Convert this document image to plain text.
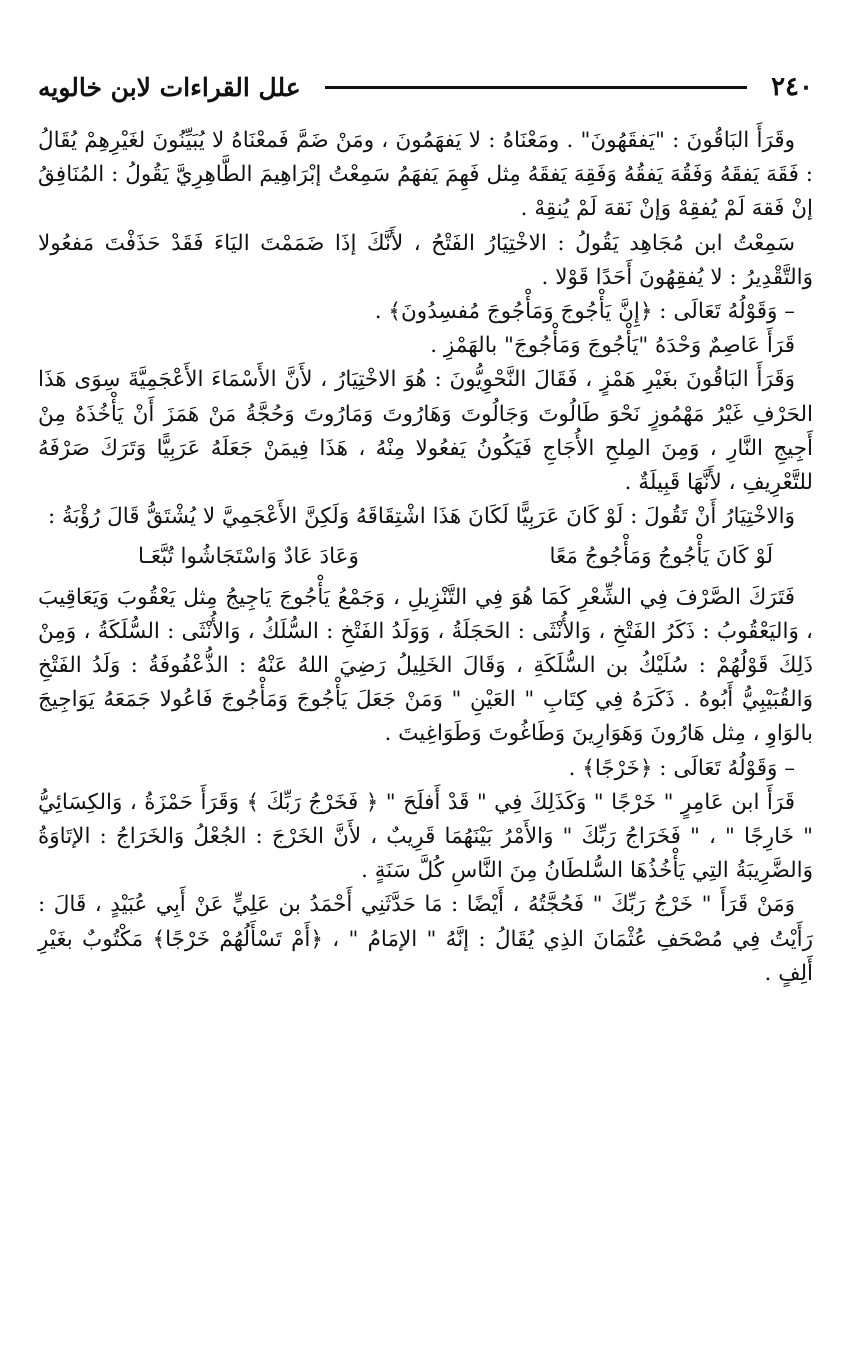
٢٤٠
علل القراءات لابن خالويه

وقَرَأَ البَاقُونَ : "يَفقَهُونَ" . ومَعْنَاهُ : لا يَفهَمُونَ ، ومَنْ ضَمَّ فَمعْنَاهُ لا يُبَيِّنُونَ لغَيْرِهِمْ يُقَالُ : فَقَهَ يَفقَهُ وَفَقُهَ يَفقُهُ وَفَقِهَ يَفقَهُ مِثل فَهِمَ يَفهَمُ سَمِعْتُ إبْرَاهِيمَ الطَّاهِرِيَّ يَقُولُ : المُنَافِقُ إنْ فَقهَ لَمْ يُفقِهْ وَإنْ نَقهَ لَمْ يُنقِهْ .

سَمِعْتُ ابن مُجَاهِد يَقُولُ : الاخْتِيَارُ الفَتْحُ ، لأَنَّكَ إذَا ضَمَمْتَ اليَاءَ فَقَدْ حَذَفْتَ مَفعُولا وَالتَّقْدِيرُ : لا يُفقِهُونَ أَحَدًا قَوْلا .

– وَقَوْلُهُ تَعَالَى : ﴿إِنَّ يَأْجُوجَ وَمَأْجُوجَ مُفسِدُونَ﴾ .

قَرَأَ عَاصِمٌ وَحْدَهُ "يَأْجُوجَ وَمَأْجُوجَ" بالهَمْزِ .

وَقَرَأَ البَاقُونَ بغَيْرِ هَمْزٍ ، فَقَالَ النَّحْوِيُّونَ : هُوَ الاخْتِيَارُ ، لأَنَّ الأَسْمَاءَ الأَعْجَمِيَّةَ سِوَى هَذَا الحَرْفِ غَيْرُ مَهْمُوزٍ نَحْوَ طَالُوتَ وَجَالُوتَ وَهَارُوتَ وَمَارُوتَ وَحُجَّةُ مَنْ هَمَزَ أَنْ يَأْخُذَهُ مِنْ أَجِيجِ النَّارِ ، وَمِنَ المِلحِ الأُجَاجِ فَيَكُونُ يَفعُولا مِنْهُ ، هَذَا فِيمَنْ جَعَلَهُ عَرَبِيًّا وَتَرَكَ صَرْفَهُ للتَّعْرِيفِ ، لأَنَّهَا قَبِيلَةٌ .

وَالاخْتِيَارُ أَنْ تَقُولَ : لَوْ كَانَ عَرَبِيًّا لَكَانَ هَذَا اشْتِقَاقَهُ وَلَكِنَّ الأَعْجَمِيَّ لا يُشْتَقُّ قَالَ رُؤْبَةُ :

لَوْ كَانَ يَأْجُوجُ وَمَأْجُوجُ مَعًا
وَعَادَ عَادٌ وَاسْتَجَاشُوا تُبَّعَـا

فَتَرَكَ الصَّرْفَ فِي الشِّعْرِ كَمَا هُوَ فِي التَّنْزِيلِ ، وَجَمْعُ يَأْجُوجَ يَاجِيجُ مِثل يَعْقُوبَ وَيَعَاقِيبَ ، وَاليَعْقُوبُ : ذَكَرُ الفَتْخِ ، وَالأُنْثَى : الحَجَلَةُ ، وَوَلَدُ الفَتْخِ : السُّلَكُ ، وَالأُنْثَى : السُّلَكَةُ ، وَمِنْ ذَلِكَ قَوْلُهُمْ : سُلَيْكُ بن السُّلَكَةِ ، وَقَالَ الخَلِيلُ رَضِيَ اللهُ عَنْهُ : الذُّعْفُوفَةُ : وَلَدُ الفَتْخِ وَالقُبَيْبِيُّ أَبُوهُ . ذَكَرَهُ فِي كِتَابِ " العَيْنِ " وَمَنْ جَعَلَ يَأْجُوجَ وَمَأْجُوجَ فَاعُولا جَمَعَهُ يَوَاجِيجَ بالوَاوِ ، مِثل هَارُونَ وَهَوَارِينَ وَطَاغُوتَ وَطَوَاغِيتَ .

– وَقَوْلُهُ تَعَالَى : ﴿خَرْجًا﴾ .

قَرَأَ ابن عَامِرٍ " خَرْجًا " وَكَذَلِكَ فِي " قَدْ أَفلَحَ " ﴿ فَخَرْجُ رَبِّكَ ﴾ وَقَرَأَ حَمْزَةُ ، وَالكِسَائِيُّ " خَارِجًا " ، " فَخَرَاجُ رَبِّكَ " وَالأَمْرُ بَيْنَهُمَا قَرِيبٌ ، لأَنَّ الخَرْجَ : الجُعْلُ وَالخَرَاجُ : الإتَاوَةُ وَالضَّرِيبَةُ التِي يَأْخُذُهَا السُّلطَانُ مِنَ النَّاسِ كُلَّ سَنَةٍ .

وَمَنْ قَرَأَ " خَرْجُ رَبِّكَ " فَحُجَّتُهُ ، أَيْضًا : مَا حَدَّثَنِي أَحْمَدُ بن عَلِيٍّ عَنْ أَبِي عُبَيْدٍ ، قَالَ : رَأَيْتُ فِي مُصْحَفِ عُثْمَانَ الذِي يُقَالُ : إنَّهُ " الإمَامُ " ، ﴿أَمْ تَسْأَلُهُمْ خَرْجًا﴾ مَكْتُوبٌ بغَيْرِ أَلِفٍ .
